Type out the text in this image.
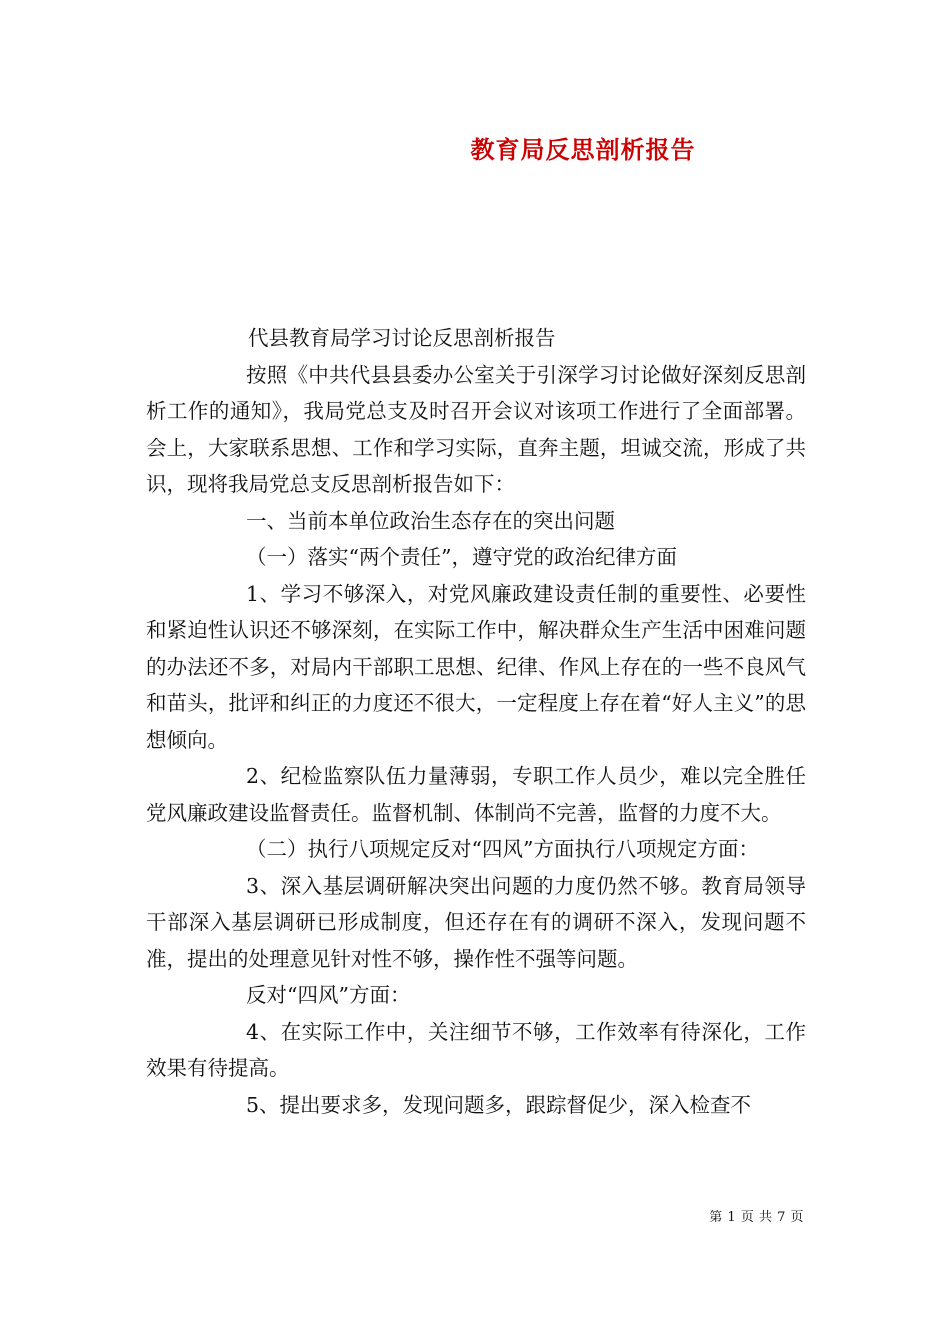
教育局反思剖析报告

代县教育局学习讨论反思剖析报告

按照《中共代县县委办公室关于引深学习讨论做好深刻反思剖析工作的通知》，我局党总支及时召开会议对该项工作进行了全面部署。会上，大家联系思想、工作和学习实际，直奔主题，坦诚交流，形成了共识，现将我局党总支反思剖析报告如下：

一、当前本单位政治生态存在的突出问题

（一）落实“两个责任”，遵守党的政治纪律方面

1、学习不够深入，对党风廉政建设责任制的重要性、必要性和紧迫性认识还不够深刻，在实际工作中，解决群众生产生活中困难问题的办法还不多，对局内干部职工思想、纪律、作风上存在的一些不良风气和苗头，批评和纠正的力度还不很大，一定程度上存在着“好人主义”的思想倾向。

2、纪检监察队伍力量薄弱，专职工作人员少，难以完全胜任党风廉政建设监督责任。监督机制、体制尚不完善，监督的力度不大。

（二）执行八项规定反对“四风”方面执行八项规定方面：

3、深入基层调研解决突出问题的力度仍然不够。教育局领导干部深入基层调研已形成制度，但还存在有的调研不深入，发现问题不准，提出的处理意见针对性不够，操作性不强等问题。

反对“四风”方面：

4、在实际工作中，关注细节不够，工作效率有待深化，工作效果有待提高。

5、提出要求多，发现问题多，跟踪督促少，深入检查不

第 1 页 共 7 页
